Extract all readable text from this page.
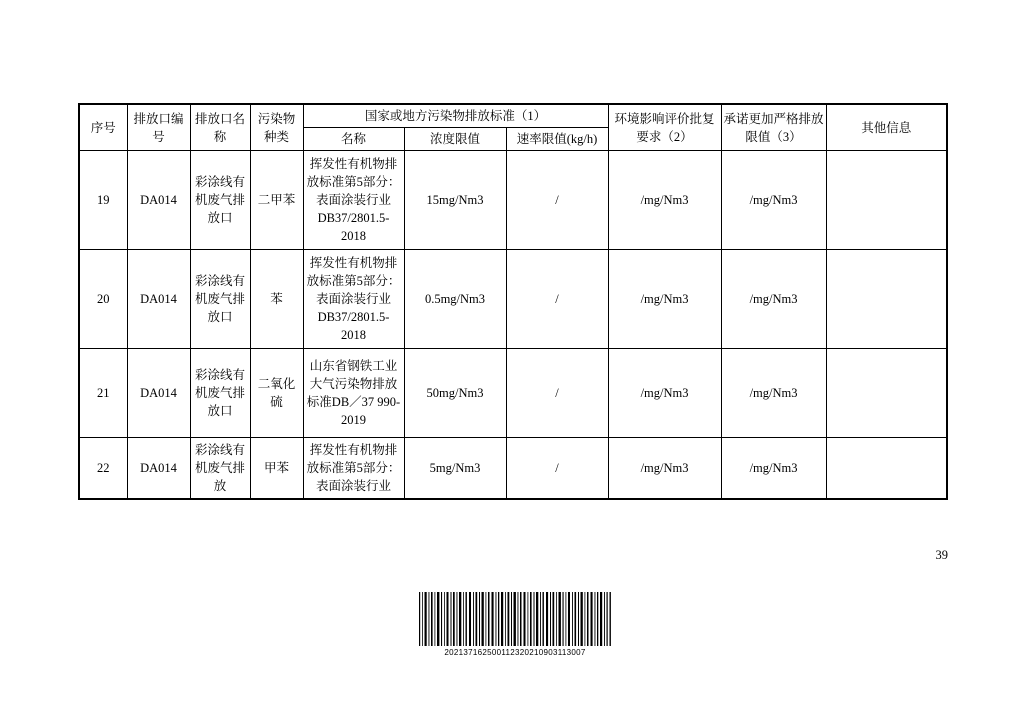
序号	排放口编号	排放口名称	污染物种类	国家或地方污染物排放标准（1）			环境影响评价批复要求（2）	承诺更加严格排放限值（3）	其他信息
				名称	浓度限值	速率限值(kg/h)			
19	DA014	彩涂线有机废气排放口	二甲苯	挥发性有机物排放标准第5部分：表面涂装行业DB37/2801.5-2018	15mg/Nm3	/	/mg/Nm3	/mg/Nm3	
20	DA014	彩涂线有机废气排放口	苯	挥发性有机物排放标准第5部分：表面涂装行业DB37/2801.5-2018	0.5mg/Nm3	/	/mg/Nm3	/mg/Nm3	
21	DA014	彩涂线有机废气排放口	二氧化硫	山东省钢铁工业大气污染物排放标准DB／37 990-2019	50mg/Nm3	/	/mg/Nm3	/mg/Nm3	
22	DA014	彩涂线有机废气排放	甲苯	挥发性有机物排放标准第5部分：表面涂装行业	5mg/Nm3	/	/mg/Nm3	/mg/Nm3	
39
202137162500112320210903113007
